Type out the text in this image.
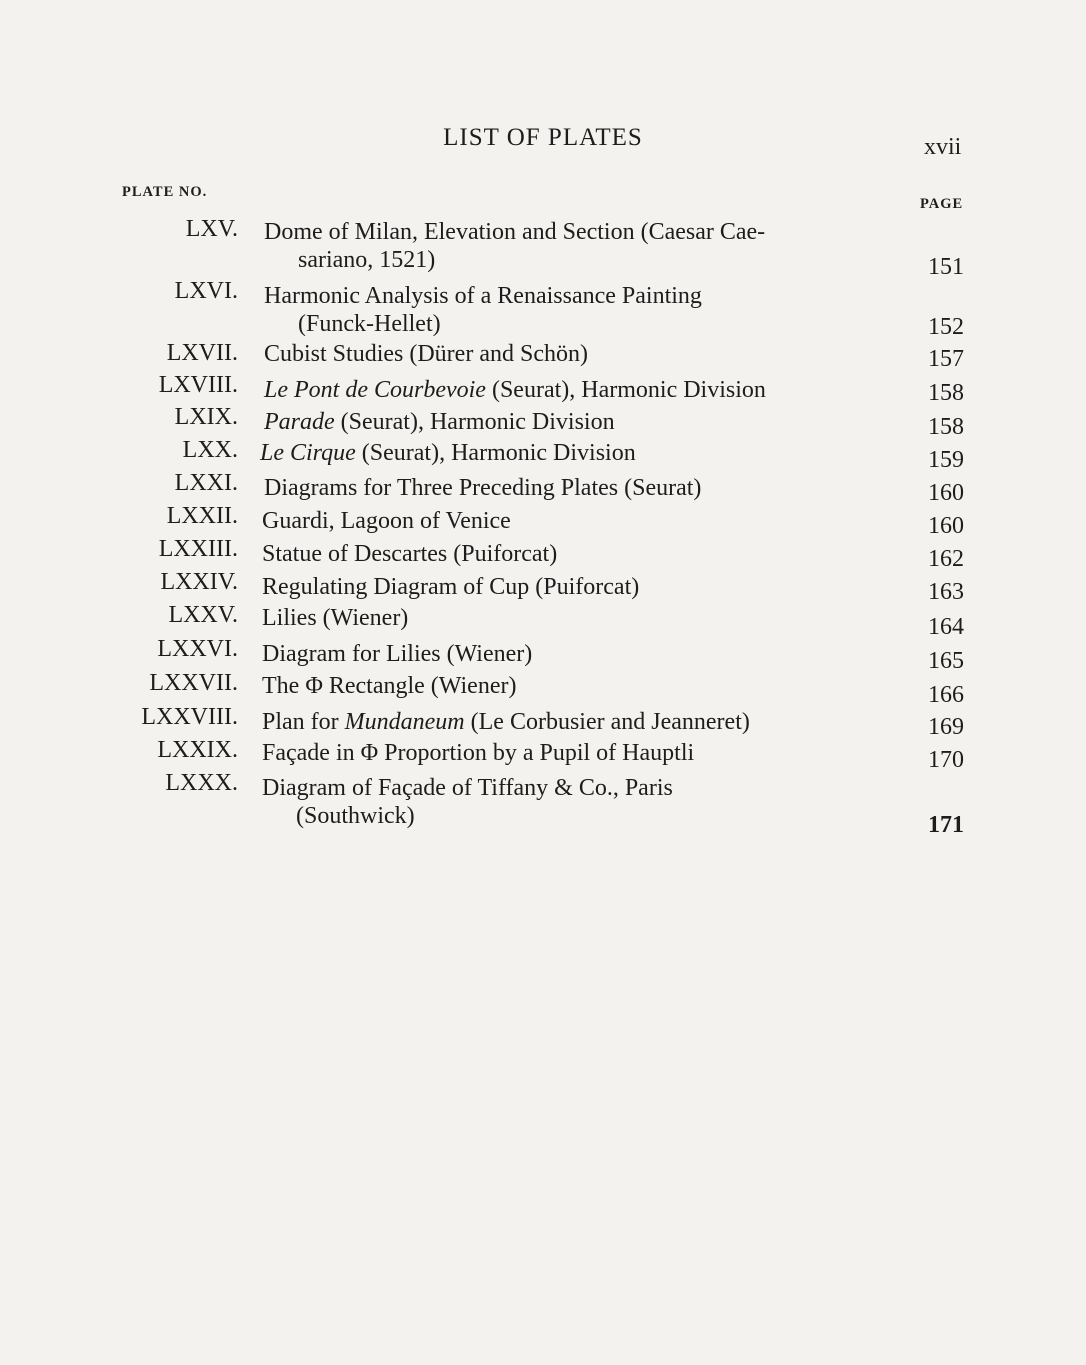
LIST OF PLATES	xvii
PLATE NO.
PAGE
LXV. Dome of Milan, Elevation and Section (Caesar Cae-
sariano, 1521)	151
LXVI. Harmonic Analysis of a Renaissance Painting
(Funck-Hellet)	152
LXVII. Cubist Studies (Dürer and Schön)	157
LXVIII. Le Pont de Courbevoie (Seurat), Harmonic Division	158
LXIX. Parade (Seurat), Harmonic Division	158
LXX. Le Cirque (Seurat), Harmonic Division	159
LXXI. Diagrams for Three Preceding Plates (Seurat)	160
LXXII. Guardi, Lagoon of Venice	160
LXXIII. Statue of Descartes (Puiforcat)	162
LXXIV. Regulating Diagram of Cup (Puiforcat)	163
LXXV. Lilies (Wiener)	164
LXXVI. Diagram for Lilies (Wiener)	165
LXXVII. The Φ Rectangle (Wiener)	166
LXXVIII. Plan for Mundaneum (Le Corbusier and Jeanneret)	169
LXXIX. Façade in Φ Proportion by a Pupil of Hauptli	170
LXXX. Diagram of Façade of Tiffany & Co., Paris
(Southwick)	171
